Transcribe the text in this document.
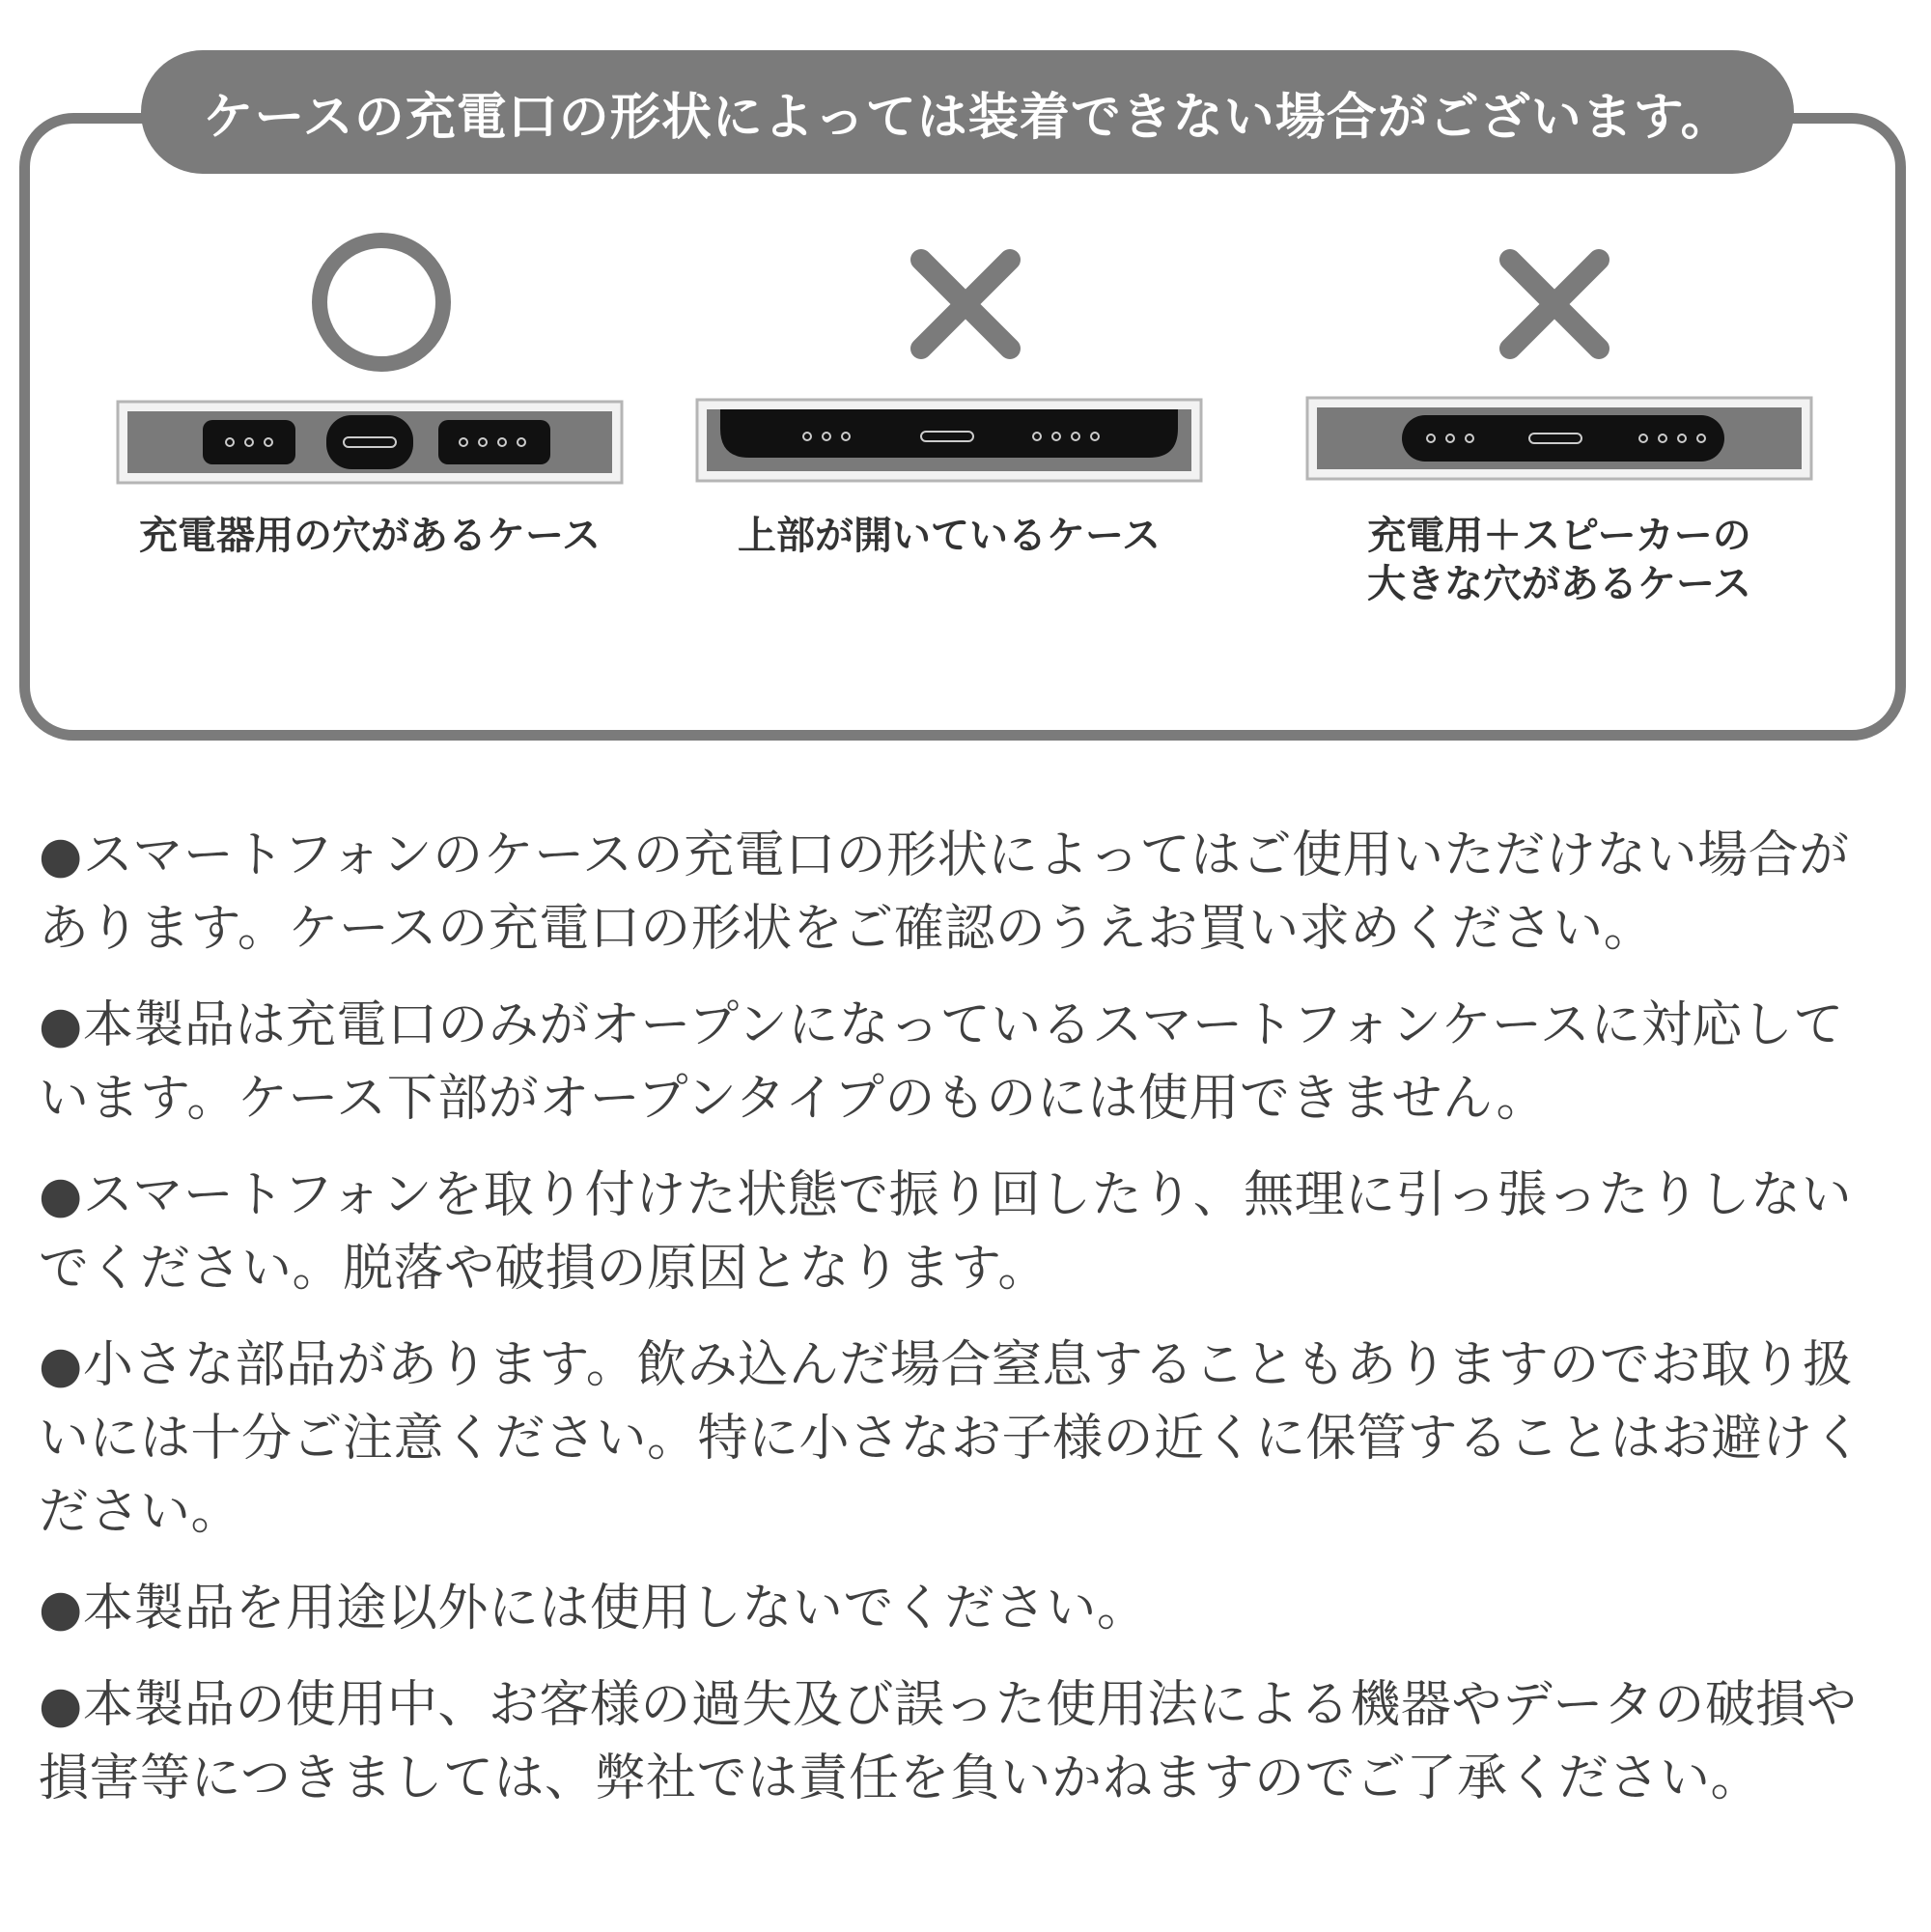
ケースの充電口の形状によっては装着できない場合がございます。
充電器用の穴があるケース	上部が開いているケース	充電用＋スピーカーの
大きな穴があるケース

●スマートフォンのケースの充電口の形状によってはご使用いただけない場合があります。ケースの充電口の形状をご確認のうえお買い求めください。

●本製品は充電口のみがオープンになっているスマートフォンケースに対応しています。ケース下部がオープンタイプのものには使用できません。

●スマートフォンを取り付けた状態で振り回したり、無理に引っ張ったりしないでください。脱落や破損の原因となります。

●小さな部品があります。飲み込んだ場合窒息することもありますのでお取り扱いには十分ご注意ください。特に小さなお子様の近くに保管することはお避けください。

●本製品を用途以外には使用しないでください。

●本製品の使用中、お客様の過失及び誤った使用法による機器やデータの破損や損害等につきましては、弊社では責任を負いかねますのでご了承ください。
